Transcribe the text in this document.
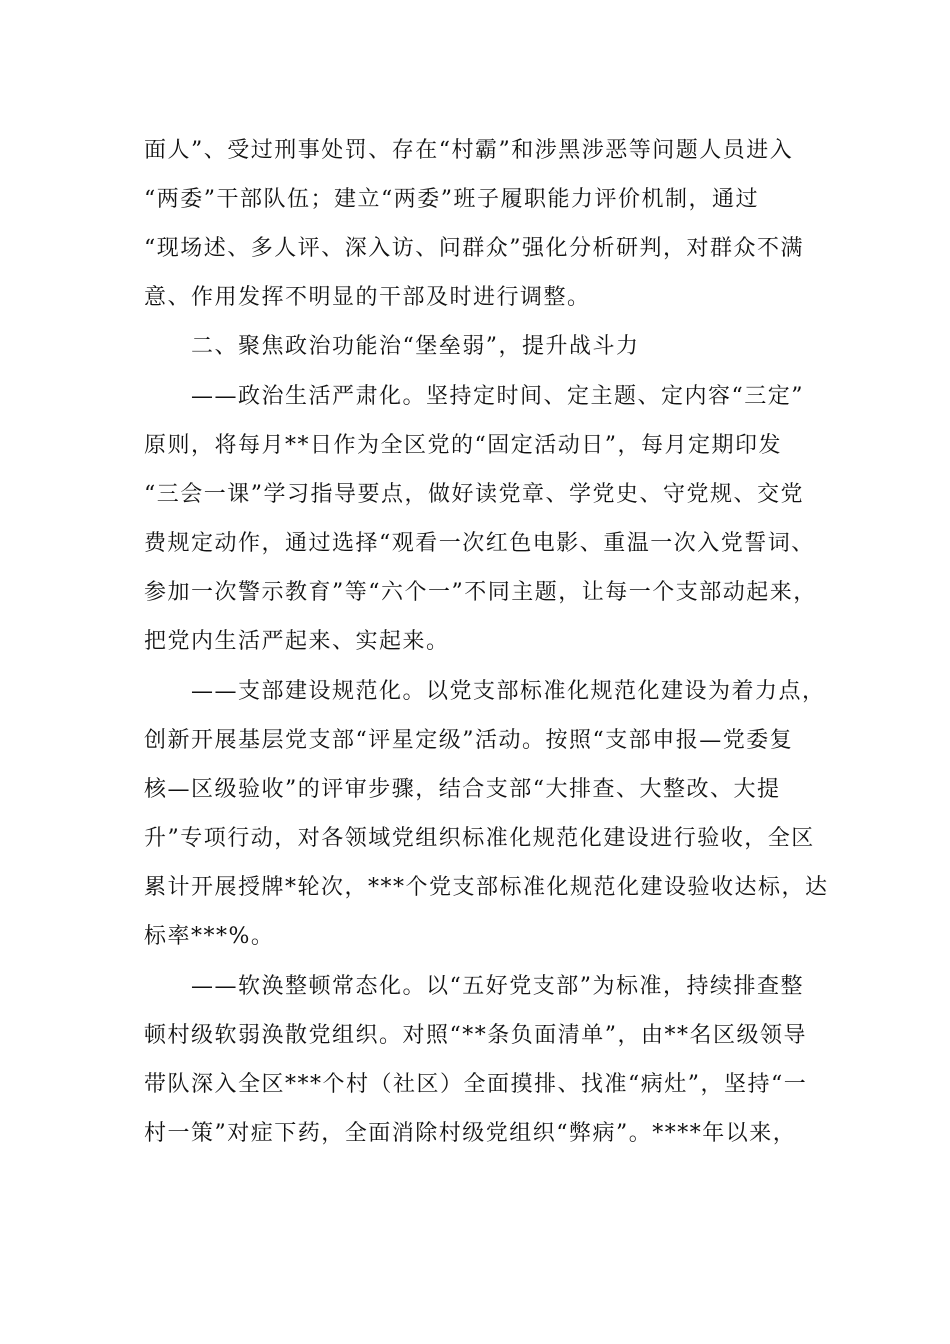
面人”、受过刑事处罚、存在“村霸”和涉黑涉恶等问题人员进入
“两委”干部队伍；建立“两委”班子履职能力评价机制，通过
“现场述、多人评、深入访、问群众”强化分析研判，对群众不满
意、作用发挥不明显的干部及时进行调整。
二、聚焦政治功能治“堡垒弱”，提升战斗力
——政治生活严肃化。坚持定时间、定主题、定内容“三定”
原则，将每月**日作为全区党的“固定活动日”，每月定期印发
“三会一课”学习指导要点，做好读党章、学党史、守党规、交党
费规定动作，通过选择“观看一次红色电影、重温一次入党誓词、
参加一次警示教育”等“六个一”不同主题，让每一个支部动起来，
把党内生活严起来、实起来。
——支部建设规范化。以党支部标准化规范化建设为着力点，
创新开展基层党支部“评星定级”活动。按照“支部申报—党委复
核—区级验收”的评审步骤，结合支部“大排查、大整改、大提
升”专项行动，对各领域党组织标准化规范化建设进行验收，全区
累计开展授牌*轮次，***个党支部标准化规范化建设验收达标，达
标率***%。
——软涣整顿常态化。以“五好党支部”为标准，持续排查整
顿村级软弱涣散党组织。对照“**条负面清单”，由**名区级领导
带队深入全区***个村（社区）全面摸排、找准“病灶”，坚持“一
村一策”对症下药，全面消除村级党组织“弊病”。****年以来，
